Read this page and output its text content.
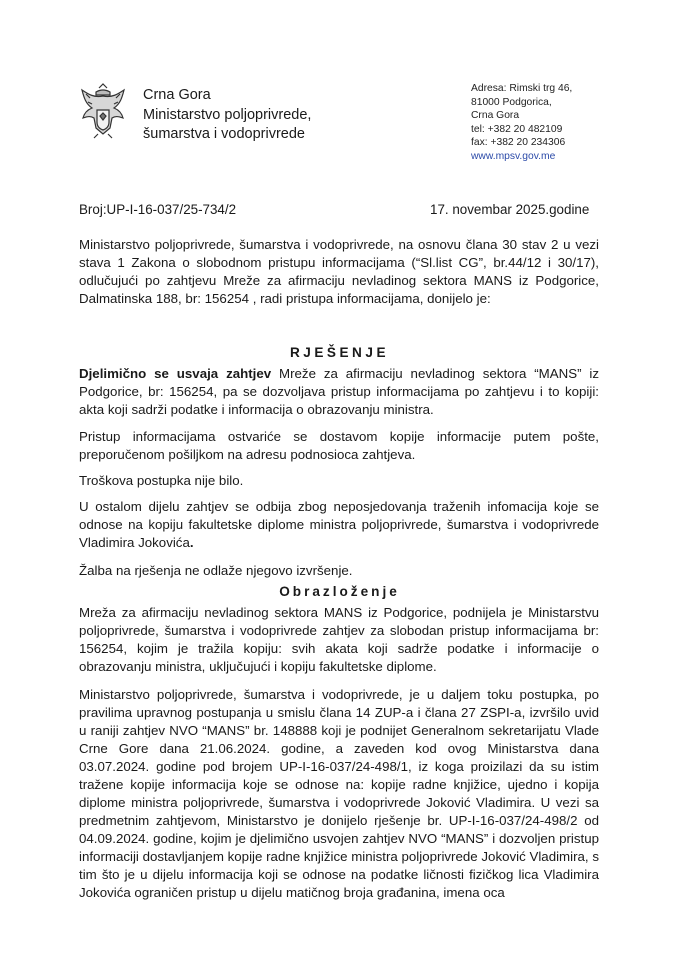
Crna Gora
Ministarstvo poljoprivrede,
šumarstva i vodoprivrede
Adresa: Rimski trg 46,
81000 Podgorica,
Crna Gora
tel: +382 20 482109
fax: +382 20 234306
www.mpsv.gov.me
Broj:UP-I-16-037/25-734/2	17. novembar 2025.godine
Ministarstvo poljoprivrede, šumarstva i vodoprivrede, na osnovu člana 30 stav 2 u vezi stava 1 Zakona o slobodnom pristupu informacijama (“Sl.list CG”, br.44/12 i 30/17), odlučujući po zahtjevu Mreže za afirmaciju nevladinog sektora MANS iz Podgorice, Dalmatinska 188, br: 156254 , radi pristupa informacijama, donijelo je:
RJEŠENJE
Djelimično se usvaja zahtjev Mreže za afirmaciju nevladinog sektora “MANS” iz Podgorice, br: 156254, pa se dozvoljava pristup informacijama po zahtjevu i to kopiji: akta koji sadrži podatke i informacija o obrazovanju ministra.
Pristup informacijama ostvariće se dostavom kopije informacije putem pošte, preporučenom pošiljkom na adresu podnosioca zahtjeva.
Troškova postupka nije bilo.
U ostalom dijelu zahtjev se odbija zbog neposjedovanja traženih infomacija koje se odnose na kopiju fakultetske diplome ministra poljoprivrede, šumarstva i vodoprivrede Vladimira Jokovića.
Žalba na rješenja ne odlaže njegovo izvršenje.
Obrazloženje
Mreža za afirmaciju nevladinog sektora MANS iz Podgorice, podnijela je Ministarstvu poljoprivrede, šumarstva i vodoprivrede zahtjev za slobodan pristup informacijama br: 156254, kojim je tražila kopiju: svih akata koji sadrže podatke i informacije o obrazovanju ministra, uključujući i kopiju fakultetske diplome.
Ministarstvo poljoprivrede, šumarstva i vodoprivrede, je u daljem toku postupka, po pravilima upravnog postupanja u smislu člana 14 ZUP-a i člana 27 ZSPI-a, izvršilo uvid u raniji zahtjev NVO “MANS” br. 148888 koji je podnijet Generalnom sekretarijatu Vlade Crne Gore dana 21.06.2024. godine, a zaveden kod ovog Ministarstva dana 03.07.2024. godine pod brojem UP-I-16-037/24-498/1, iz koga proizilazi da su istim tražene kopije informacija koje se odnose na: kopije radne knjižice, ujedno i kopija diplome ministra poljoprivrede, šumarstva i vodoprivrede Joković Vladimira. U vezi sa predmetnim zahtjevom, Ministarstvo je donijelo rješenje br. UP-I-16-037/24-498/2 od 04.09.2024. godine, kojim je djelimično usvojen zahtjev NVO “MANS” i dozvoljen pristup informaciji dostavljanjem kopije radne knjižice ministra poljoprivrede Joković Vladimira, s tim što je u dijelu informacija koji se odnose na podatke ličnosti fizičkog lica Vladimira Jokovića ograničen pristup u dijelu matičnog broja građanina, imena oca
